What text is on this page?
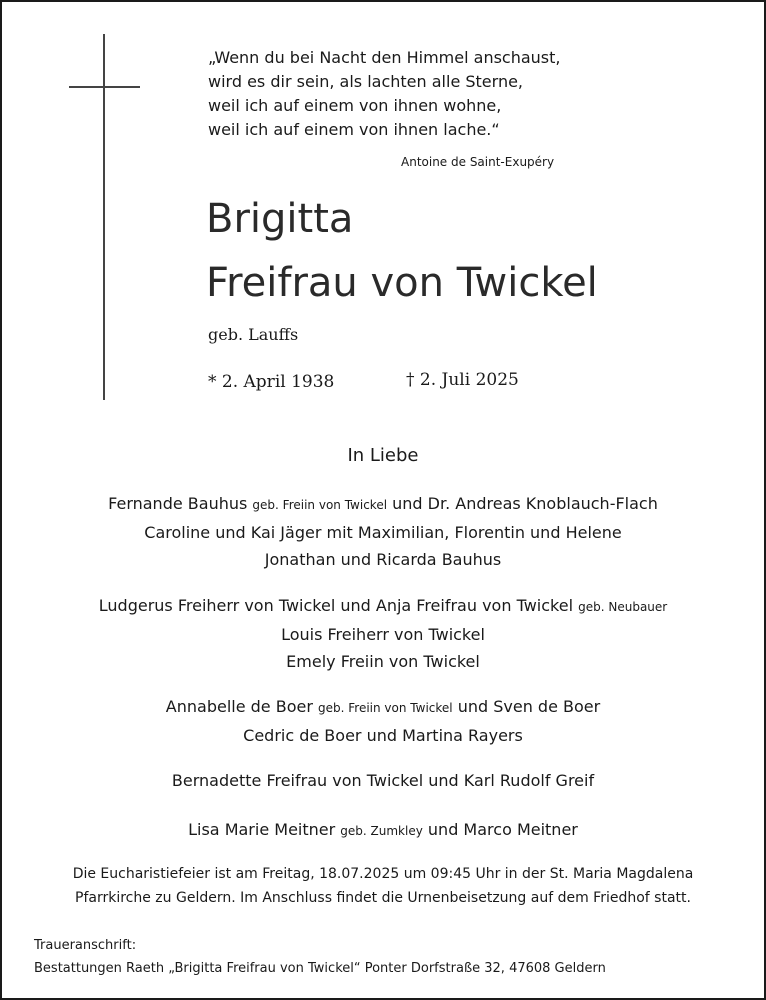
„Wenn du bei Nacht den Himmel anschaust,
wird es dir sein, als lachten alle Sterne,
weil ich auf einem von ihnen wohne,
weil ich auf einem von ihnen lache.“
Antoine de Saint-Exupéry
Brigitta
Freifrau von Twickel
geb. Lauffs
* 2. April 1938	† 2. Juli 2025
In Liebe
Fernande Bauhus geb. Freiin von Twickel und Dr. Andreas Knoblauch-Flach
Caroline und Kai Jäger mit Maximilian, Florentin und Helene
Jonathan und Ricarda Bauhus
Ludgerus Freiherr von Twickel und Anja Freifrau von Twickel geb. Neubauer
Louis Freiherr von Twickel
Emely Freiin von Twickel
Annabelle de Boer geb. Freiin von Twickel und Sven de Boer
Cedric de Boer und Martina Rayers
Bernadette Freifrau von Twickel und Karl Rudolf Greif
Lisa Marie Meitner geb. Zumkley und Marco Meitner
Die Eucharistiefeier ist am Freitag, 18.07.2025 um 09:45 Uhr in der St. Maria Magdalena
Pfarrkirche zu Geldern. Im Anschluss findet die Urnenbeisetzung auf dem Friedhof statt.
Traueranschrift:
Bestattungen Raeth „Brigitta Freifrau von Twickel“ Ponter Dorfstraße 32, 47608 Geldern
